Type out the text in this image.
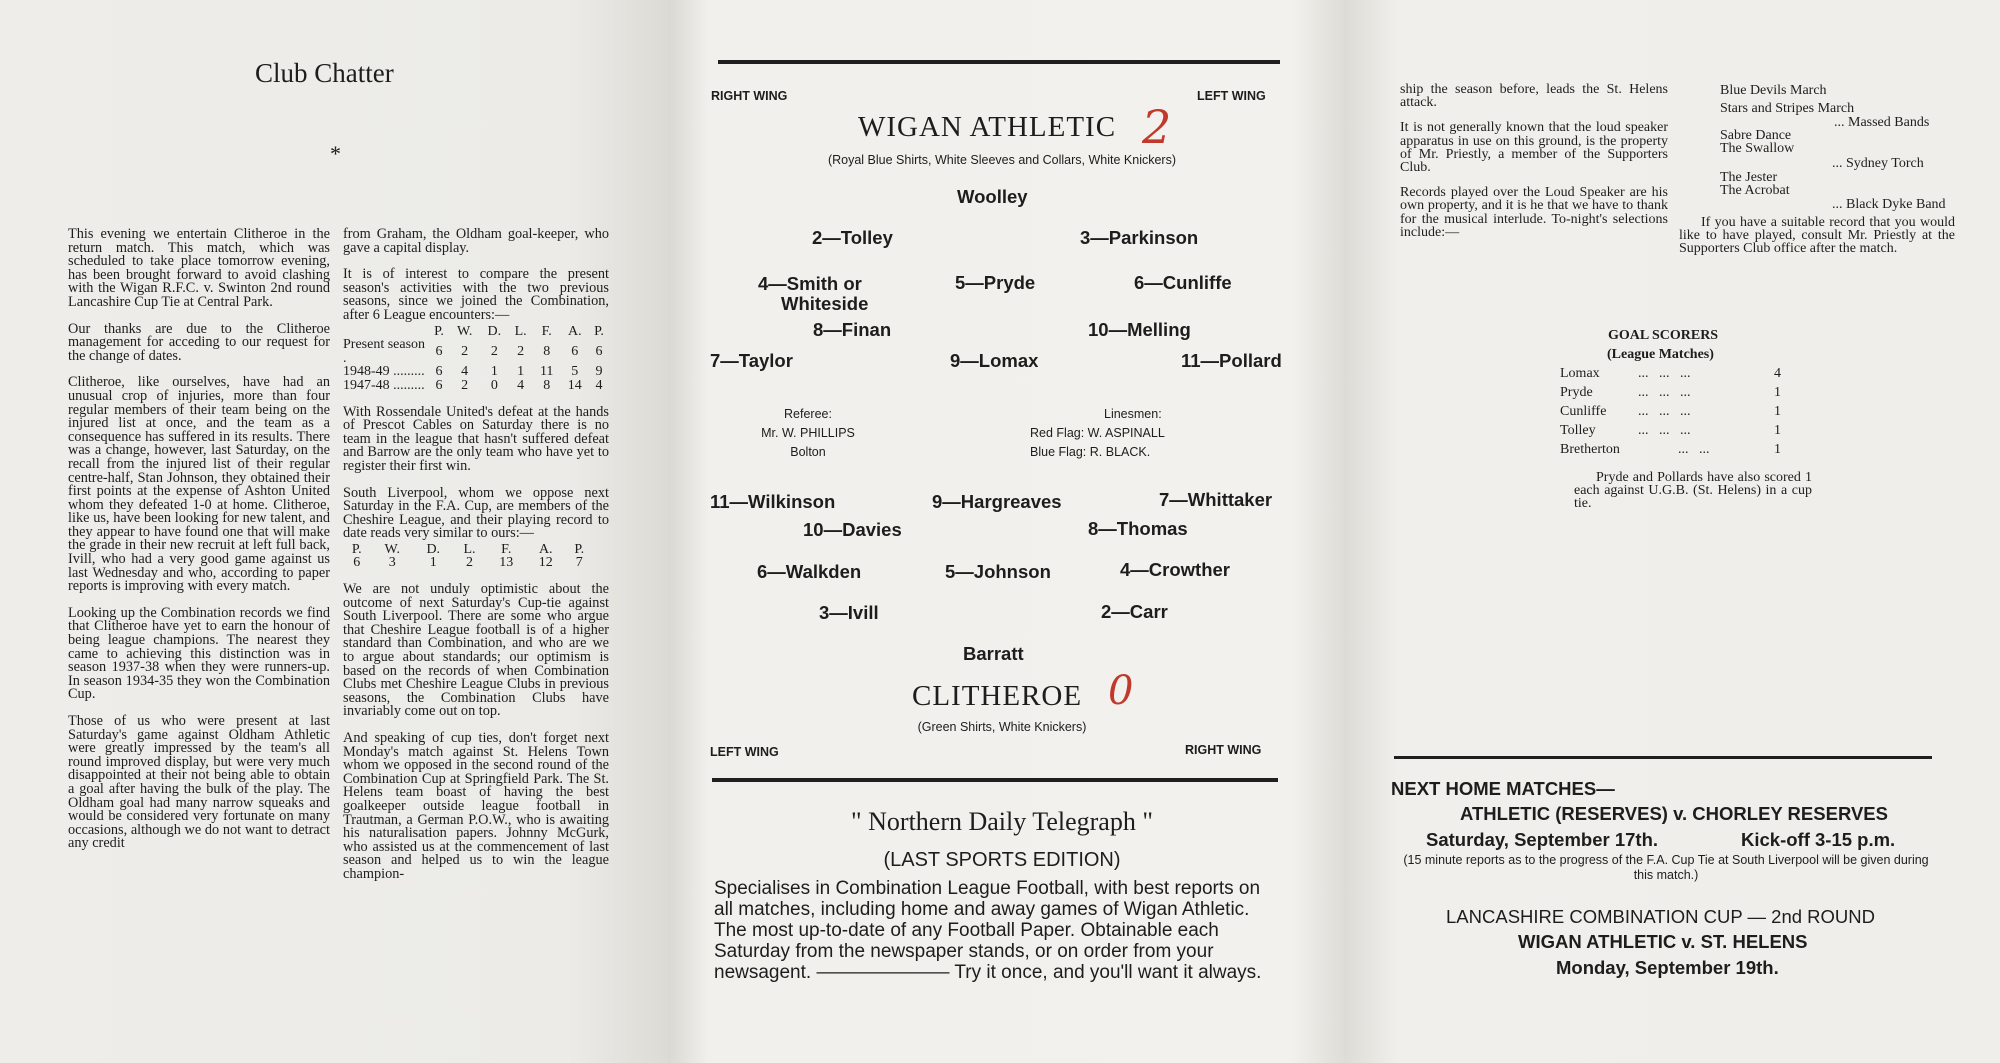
Club Chatter
*

This evening we entertain Clitheroe in the return match. This match, which was scheduled to take place tomorrow evening, has been brought forward to avoid clashing with the Wigan R.F.C. v. Swinton 2nd round Lancashire Cup Tie at Central Park.

Our thanks are due to the Clitheroe management for acceding to our request for the change of dates.

Clitheroe, like ourselves, have had an unusual crop of injuries, more than four regular members of their team being on the injured list at once, and the team as a consequence has suffered in its results. There was a change, however, last Saturday, on the recall from the injured list of their regular centre-half, Stan Johnson, they obtained their first points at the expense of Ashton United whom they defeated 1-0 at home. Clitheroe, like us, have been looking for new talent, and they appear to have found one that will make the grade in their new recruit at left full back, Ivill, who had a very good game against us last Wednesday and who, according to paper reports is improving with every match.

Looking up the Combination records we find that Clitheroe have yet to earn the honour of being league champions. The nearest they came to achieving this distinction was in season 1937-38 when they were runners-up. In season 1934-35 they won the Combination Cup.

Those of us who were present at last Saturday's game against Oldham Athletic were greatly impressed by the team's all round improved display, but were very much disappointed at their not being able to obtain a goal after having the bulk of the play. The Oldham goal had many narrow squeaks and would be considered very fortunate on many occasions, although we do not want to detract any credit

from Graham, the Oldham goal-keeper, who gave a capital display.

It is of interest to compare the present season's activities with the two previous seasons, since we joined the Combination, after 6 League encounters:—

	P.	W.	D.	L.	F.	A.	P.
Present season .	6	2	2	2	8	6	6
1948-49 .........	6	4	1	1	11	5	9
1947-48 .........	6	2	0	4	8	14	4

With Rossendale United's defeat at the hands of Prescot Cables on Saturday there is no team in the league that hasn't suffered defeat and Barrow are the only team who have yet to register their first win.

South Liverpool, whom we oppose next Saturday in the F.A. Cup, are members of the Cheshire League, and their playing record to date reads very similar to ours:—

P.	W.	D.	L.	F.	A.	P.
6	3	1	2	13	12	7

We are not unduly optimistic about the outcome of next Saturday's Cup-tie against South Liverpool. There are some who argue that Cheshire League football is of a higher standard than Combination, and who are we to argue about standards; our optimism is based on the records of when Combination Clubs met Cheshire League Clubs in previous seasons, the Combination Clubs have invariably come out on top.

And speaking of cup ties, don't forget next Monday's match against St. Helens Town whom we opposed in the second round of the Combination Cup at Springfield Park. The St. Helens team boast of having the best goalkeeper outside league football in Trautman, a German P.O.W., who is awaiting his naturalisation papers. Johnny McGurk, who assisted us at the commencement of last season and helped us to win the league champion-

RIGHT WING	LEFT WING
WIGAN ATHLETIC 2
(Royal Blue Shirts, White Sleeves and Collars, White Knickers)
Woolley
2—Tolley	3—Parkinson
4—Smith or
Whiteside
5—Pryde	6—Cunliffe
8—Finan	10—Melling
7—Taylor	9—Lomax	11—Pollard
Referee:
Mr. W. PHILLIPS
Bolton
Linesmen:
Red Flag: W. ASPINALL
Blue Flag: R. BLACK.
11—Wilkinson	9—Hargreaves	7—Whittaker
10—Davies	8—Thomas
6—Walkden	5—Johnson	4—Crowther
3—Ivill	2—Carr
Barratt
CLITHEROE 0
(Green Shirts, White Knickers)
LEFT WING	RIGHT WING
" Northern Daily Telegraph "
(LAST SPORTS EDITION)
Specialises in Combination League Football, with best reports on
all matches, including home and away games of Wigan Athletic.
The most up-to-date of any Football Paper. Obtainable each
Saturday from the newspaper stands, or on order from your
newsagent. ——————— Try it once, and you'll want it always.

ship the season before, leads the St. Helens attack.

It is not generally known that the loud speaker apparatus in use on this ground, is the property of Mr. Priestly, a member of the Supporters Club.

Records played over the Loud Speaker are his own property, and it is he that we have to thank for the musical interlude. To-night's selections include:—

Blue Devils March
Stars and Stripes March
... Massed Bands
Sabre Dance
The Swallow
... Sydney Torch
The Jester
The Acrobat
... Black Dyke Band

If you have a suitable record that you would like to have played, consult Mr. Priestly at the Supporters Club office after the match.

GOAL SCORERS
(League Matches)
Lomax	...   ...   ...	4
Pryde	...   ...   ...	1
Cunliffe ...   ...   ...	1
Tolley	...   ...   ...	1
Bretherton	...   ...	1

Pryde and Pollards have also scored 1 each against U.G.B. (St. Helens) in a cup tie.

NEXT HOME MATCHES—
ATHLETIC (RESERVES) v. CHORLEY RESERVES
Saturday, September 17th.	Kick-off 3-15 p.m.
(15 minute reports as to the progress of the F.A. Cup Tie at South Liverpool will be given during this match.)
LANCASHIRE COMBINATION CUP — 2nd ROUND
WIGAN ATHLETIC v. ST. HELENS
Monday, September 19th.
